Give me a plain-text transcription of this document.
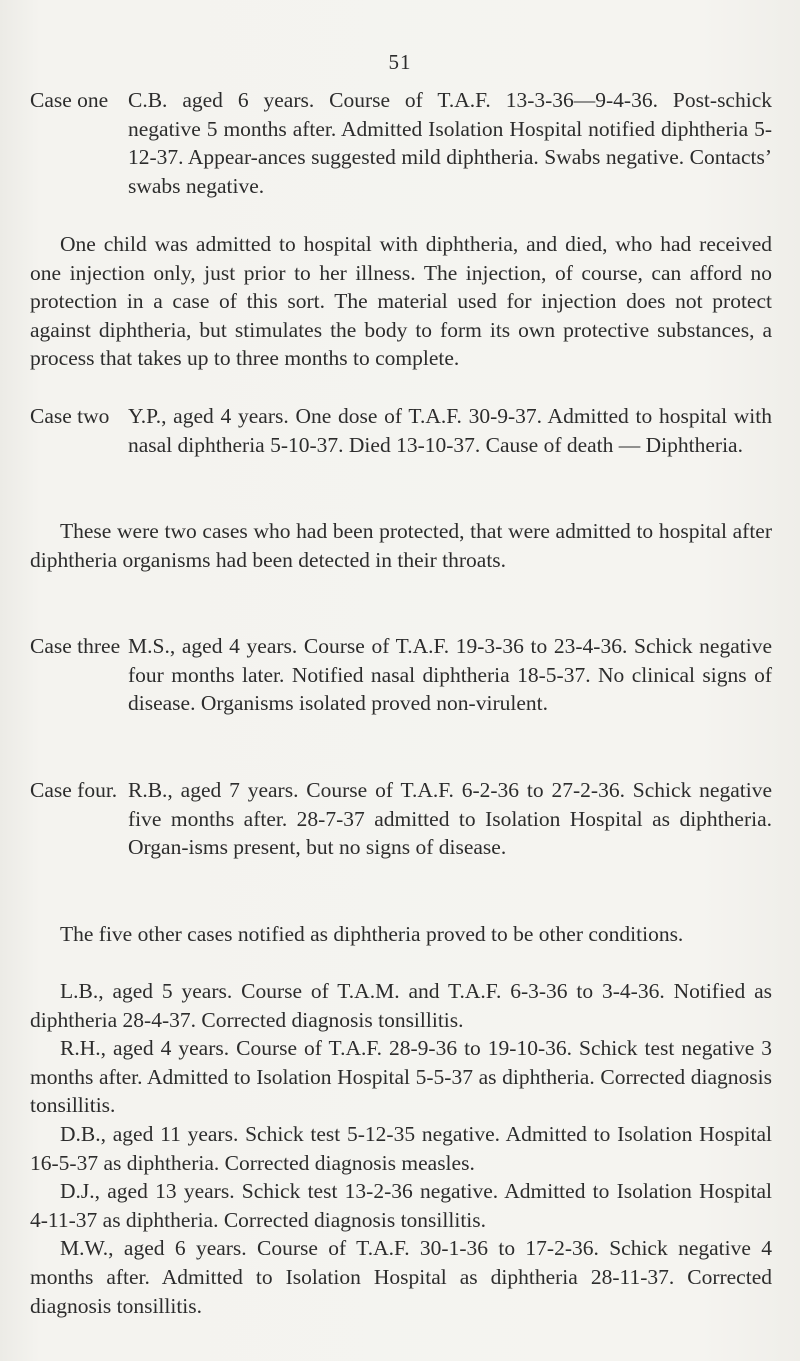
51
Case one C.B. aged 6 years. Course of T.A.F. 13-3-36—9-4-36. Post-schick negative 5 months after. Admitted Isolation Hospital notified diphtheria 5-12-37. Appear-ances suggested mild diphtheria. Swabs negative. Contacts’ swabs negative.
One child was admitted to hospital with diphtheria, and died, who had received one injection only, just prior to her illness. The injection, of course, can afford no protection in a case of this sort. The material used for injection does not protect against diphtheria, but stimulates the body to form its own protective substances, a process that takes up to three months to complete.
Case two Y.P., aged 4 years. One dose of T.A.F. 30-9-37. Admitted to hospital with nasal diphtheria 5-10-37. Died 13-10-37. Cause of death — Diphtheria.
These were two cases who had been protected, that were admitted to hospital after diphtheria organisms had been detected in their throats.
Case three M.S., aged 4 years. Course of T.A.F. 19-3-36 to 23-4-36. Schick negative four months later. Notified nasal diphtheria 18-5-37. No clinical signs of disease. Organisms isolated proved non-virulent.
Case four. R.B., aged 7 years. Course of T.A.F. 6-2-36 to 27-2-36. Schick negative five months after. 28-7-37 admitted to Isolation Hospital as diphtheria. Organ-isms present, but no signs of disease.
The five other cases notified as diphtheria proved to be other conditions.

L.B., aged 5 years. Course of T.A.M. and T.A.F. 6-3-36 to 3-4-36. Notified as diphtheria 28-4-37. Corrected diagnosis tonsillitis.

R.H., aged 4 years. Course of T.A.F. 28-9-36 to 19-10-36. Schick test negative 3 months after. Admitted to Isolation Hospital 5-5-37 as diphtheria. Corrected diagnosis tonsillitis.

D.B., aged 11 years. Schick test 5-12-35 negative. Admitted to Isolation Hospital 16-5-37 as diphtheria. Corrected diagnosis measles.

D.J., aged 13 years. Schick test 13-2-36 negative. Admitted to Isolation Hospital 4-11-37 as diphtheria. Corrected diagnosis tonsillitis.

M.W., aged 6 years. Course of T.A.F. 30-1-36 to 17-2-36. Schick negative 4 months after. Admitted to Isolation Hospital as diphtheria 28-11-37. Corrected diagnosis tonsillitis.
